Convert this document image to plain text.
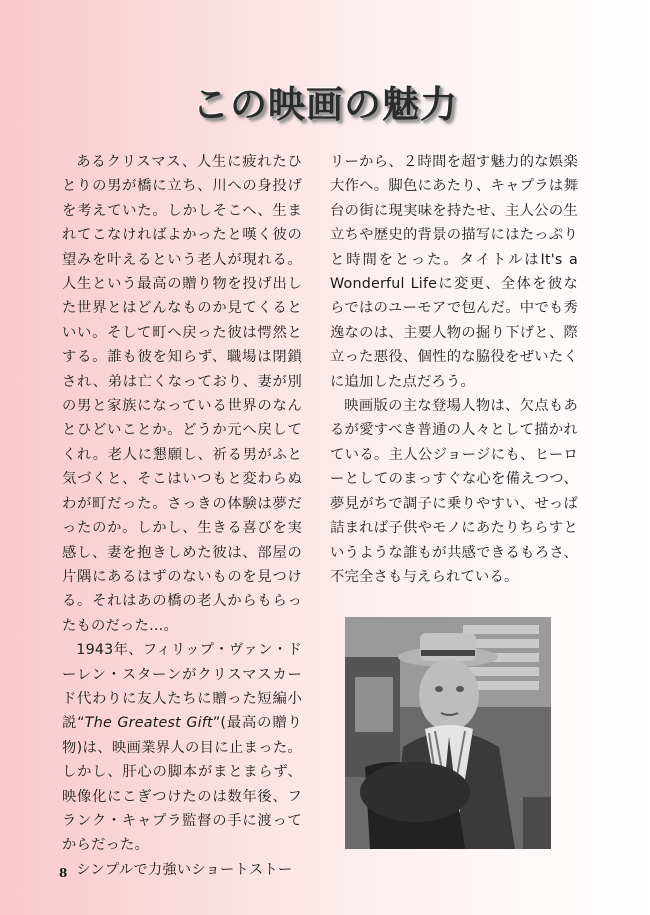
この映画の魅力

あるクリスマス、人生に疲れたひとりの男が橋に立ち、川への身投げを考えていた。しかしそこへ、生まれてこなければよかったと嘆く彼の望みを叶えるという老人が現れる。人生という最高の贈り物を投げ出した世界とはどんなものか見てくるといい。そして町へ戻った彼は愕然とする。誰も彼を知らず、職場は閉鎖され、弟は亡くなっており、妻が別の男と家族になっている世界のなんとひどいことか。どうか元へ戻してくれ。老人に懇願し、祈る男がふと気づくと、そこはいつもと変わらぬわが町だった。さっきの体験は夢だったのか。しかし、生きる喜びを実感し、妻を抱きしめた彼は、部屋の片隅にあるはずのないものを見つける。それはあの橋の老人からもらったものだった…。

1943年、フィリップ・ヴァン・ドーレン・スターンがクリスマスカード代わりに友人たちに贈った短編小説“The Greatest Gift”(最高の贈り物)は、映画業界人の目に止まった。しかし、肝心の脚本がまとまらず、映像化にこぎつけたのは数年後、フランク・キャプラ監督の手に渡ってからだった。

シンプルで力強いショートストー

リーから、２時間を超す魅力的な娯楽大作へ。脚色にあたり、キャプラは舞台の街に現実味を持たせ、主人公の生立ちや歴史的背景の描写にはたっぷりと時間をとった。タイトルはIt's a Wonderful Lifeに変更、全体を彼ならではのユーモアで包んだ。中でも秀逸なのは、主要人物の掘り下げと、際立った悪役、個性的な脇役をぜいたくに追加した点だろう。

映画版の主な登場人物は、欠点もあるが愛すべき普通の人々として描かれている。主人公ジョージにも、ヒーローとしてのまっすぐな心を備えつつ、夢見がちで調子に乗りやすい、せっぱ詰まれば子供やモノにあたりちらすというような誰もが共感できるもろさ、不完全さも与えられている。

8
